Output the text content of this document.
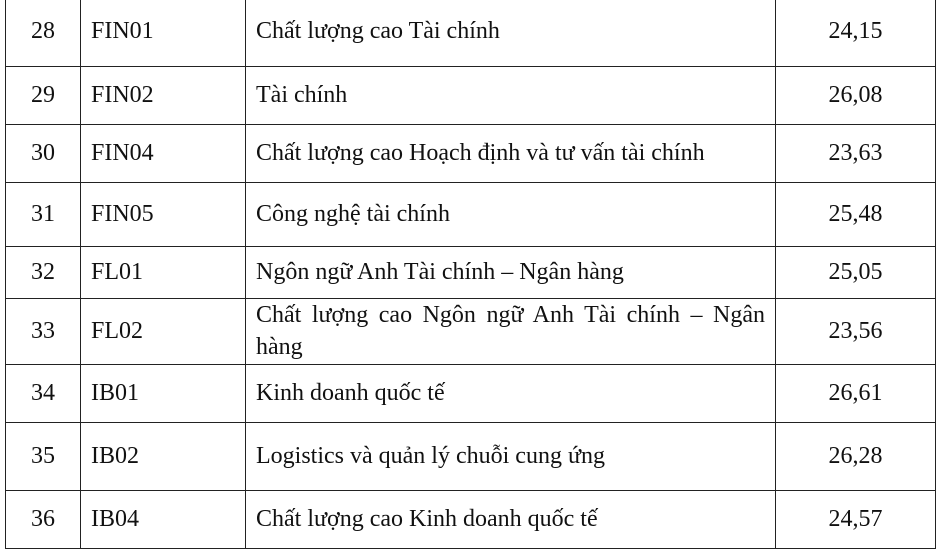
28	FIN01	Chất lượng cao Tài chính	24,15
29	FIN02	Tài chính	26,08
30	FIN04	Chất lượng cao Hoạch định và tư vấn tài chính	23,63
31	FIN05	Công nghệ tài chính	25,48
32	FL01	Ngôn ngữ Anh Tài chính – Ngân hàng	25,05
33	FL02	Chất lượng cao Ngôn ngữ Anh Tài chính – Ngân hàng	23,56
34	IB01	Kinh doanh quốc tế	26,61
35	IB02	Logistics và quản lý chuỗi cung ứng	26,28
36	IB04	Chất lượng cao Kinh doanh quốc tế	24,57
